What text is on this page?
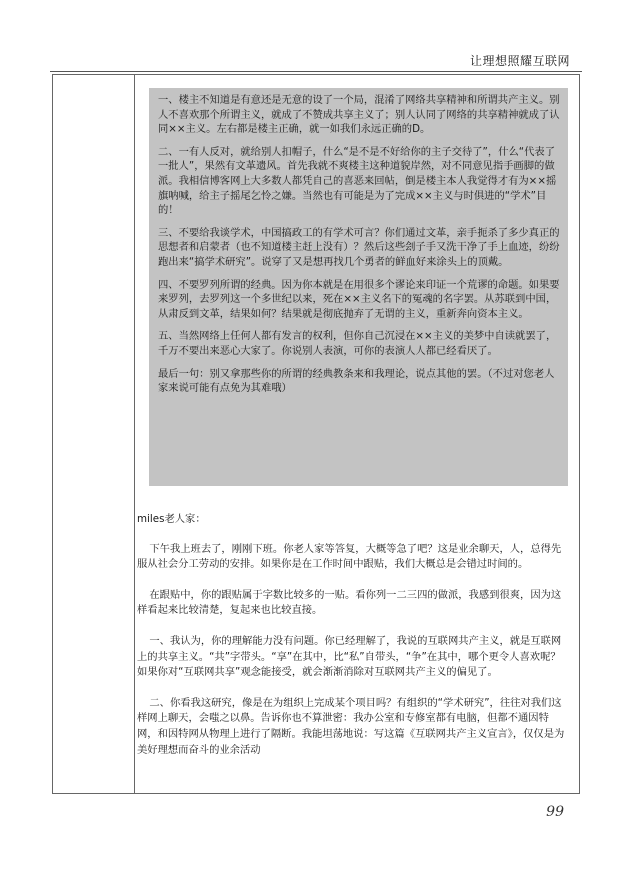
让理想照耀互联网

一、楼主不知道是有意还是无意的设了一个局，混淆了网络共享精神和所谓共产主义。别人不喜欢那个所谓主义，就成了不赞成共享主义了；别人认同了网络的共享精神就成了认同××主义。左右都是楼主正确，就一如我们永远正确的D。

二、一有人反对，就给别人扣帽子，什么“是不是不好给你的主子交待了”，什么“代表了一批人”，果然有文革遗风。首先我就不爽楼主这种道貌岸然，对不同意见指手画脚的做派。我相信博客网上大多数人都凭自己的喜恶来回帖，倒是楼主本人我觉得才有为××摇旗呐喊，给主子摇尾乞怜之嫌。当然也有可能是为了完成××主义与时俱进的“学术”目的！

三、不要给我谈学术，中国搞政工的有学术可言？你们通过文革，亲手扼杀了多少真正的思想者和启蒙者（也不知道楼主赶上没有）？然后这些刽子手又洗干净了手上血迹，纷纷跑出来“搞学术研究”。说穿了又是想再找几个勇者的鲜血好来涂头上的顶戴。

四、不要罗列所谓的经典。因为你本就是在用很多个谬论来印证一个荒谬的命题。如果要来罗列，去罗列这一个多世纪以来，死在××主义名下的冤魂的名字罢。从苏联到中国，从肃反到文革，结果如何？结果就是彻底抛弃了无谓的主义，重新奔向资本主义。

五、当然网络上任何人都有发言的权利，但你自己沉浸在××主义的美梦中自读就罢了，千万不要出来恶心大家了。你说别人表演，可你的表演人人都已经看厌了。

最后一句：别又拿那些你的所谓的经典教条来和我理论，说点其他的罢。（不过对您老人家来说可能有点免为其难哦）

miles老人家：

下午我上班去了，刚刚下班。你老人家等答复，大概等急了吧？这是业余聊天，人，总得先服从社会分工劳动的安排。如果你是在工作时间中跟贴，我们大概总是会错过时间的。

在跟贴中，你的跟贴属于字数比较多的一贴。看你列一二三四的做派，我感到很爽，因为这样看起来比较清楚，复起来也比较直接。

一、我认为，你的理解能力没有问题。你已经理解了，我说的互联网共产主义，就是互联网上的共享主义。“共”字带头。“享”在其中，比“私”自带头，“争”在其中，哪个更令人喜欢呢？如果你对“互联网共享”观念能接受，就会渐渐消除对互联网共产主义的偏见了。

二、你看我这研究，像是在为组织上完成某个项目吗？有组织的“学术研究”，往往对我们这样网上聊天，会嗤之以鼻。告诉你也不算泄密：我办公室和专修室都有电脑，但都不通因特网，和因特网从物理上进行了隔断。我能坦荡地说：写这篇《互联网共产主义宣言》，仅仅是为美好理想而奋斗的业余活动

99
